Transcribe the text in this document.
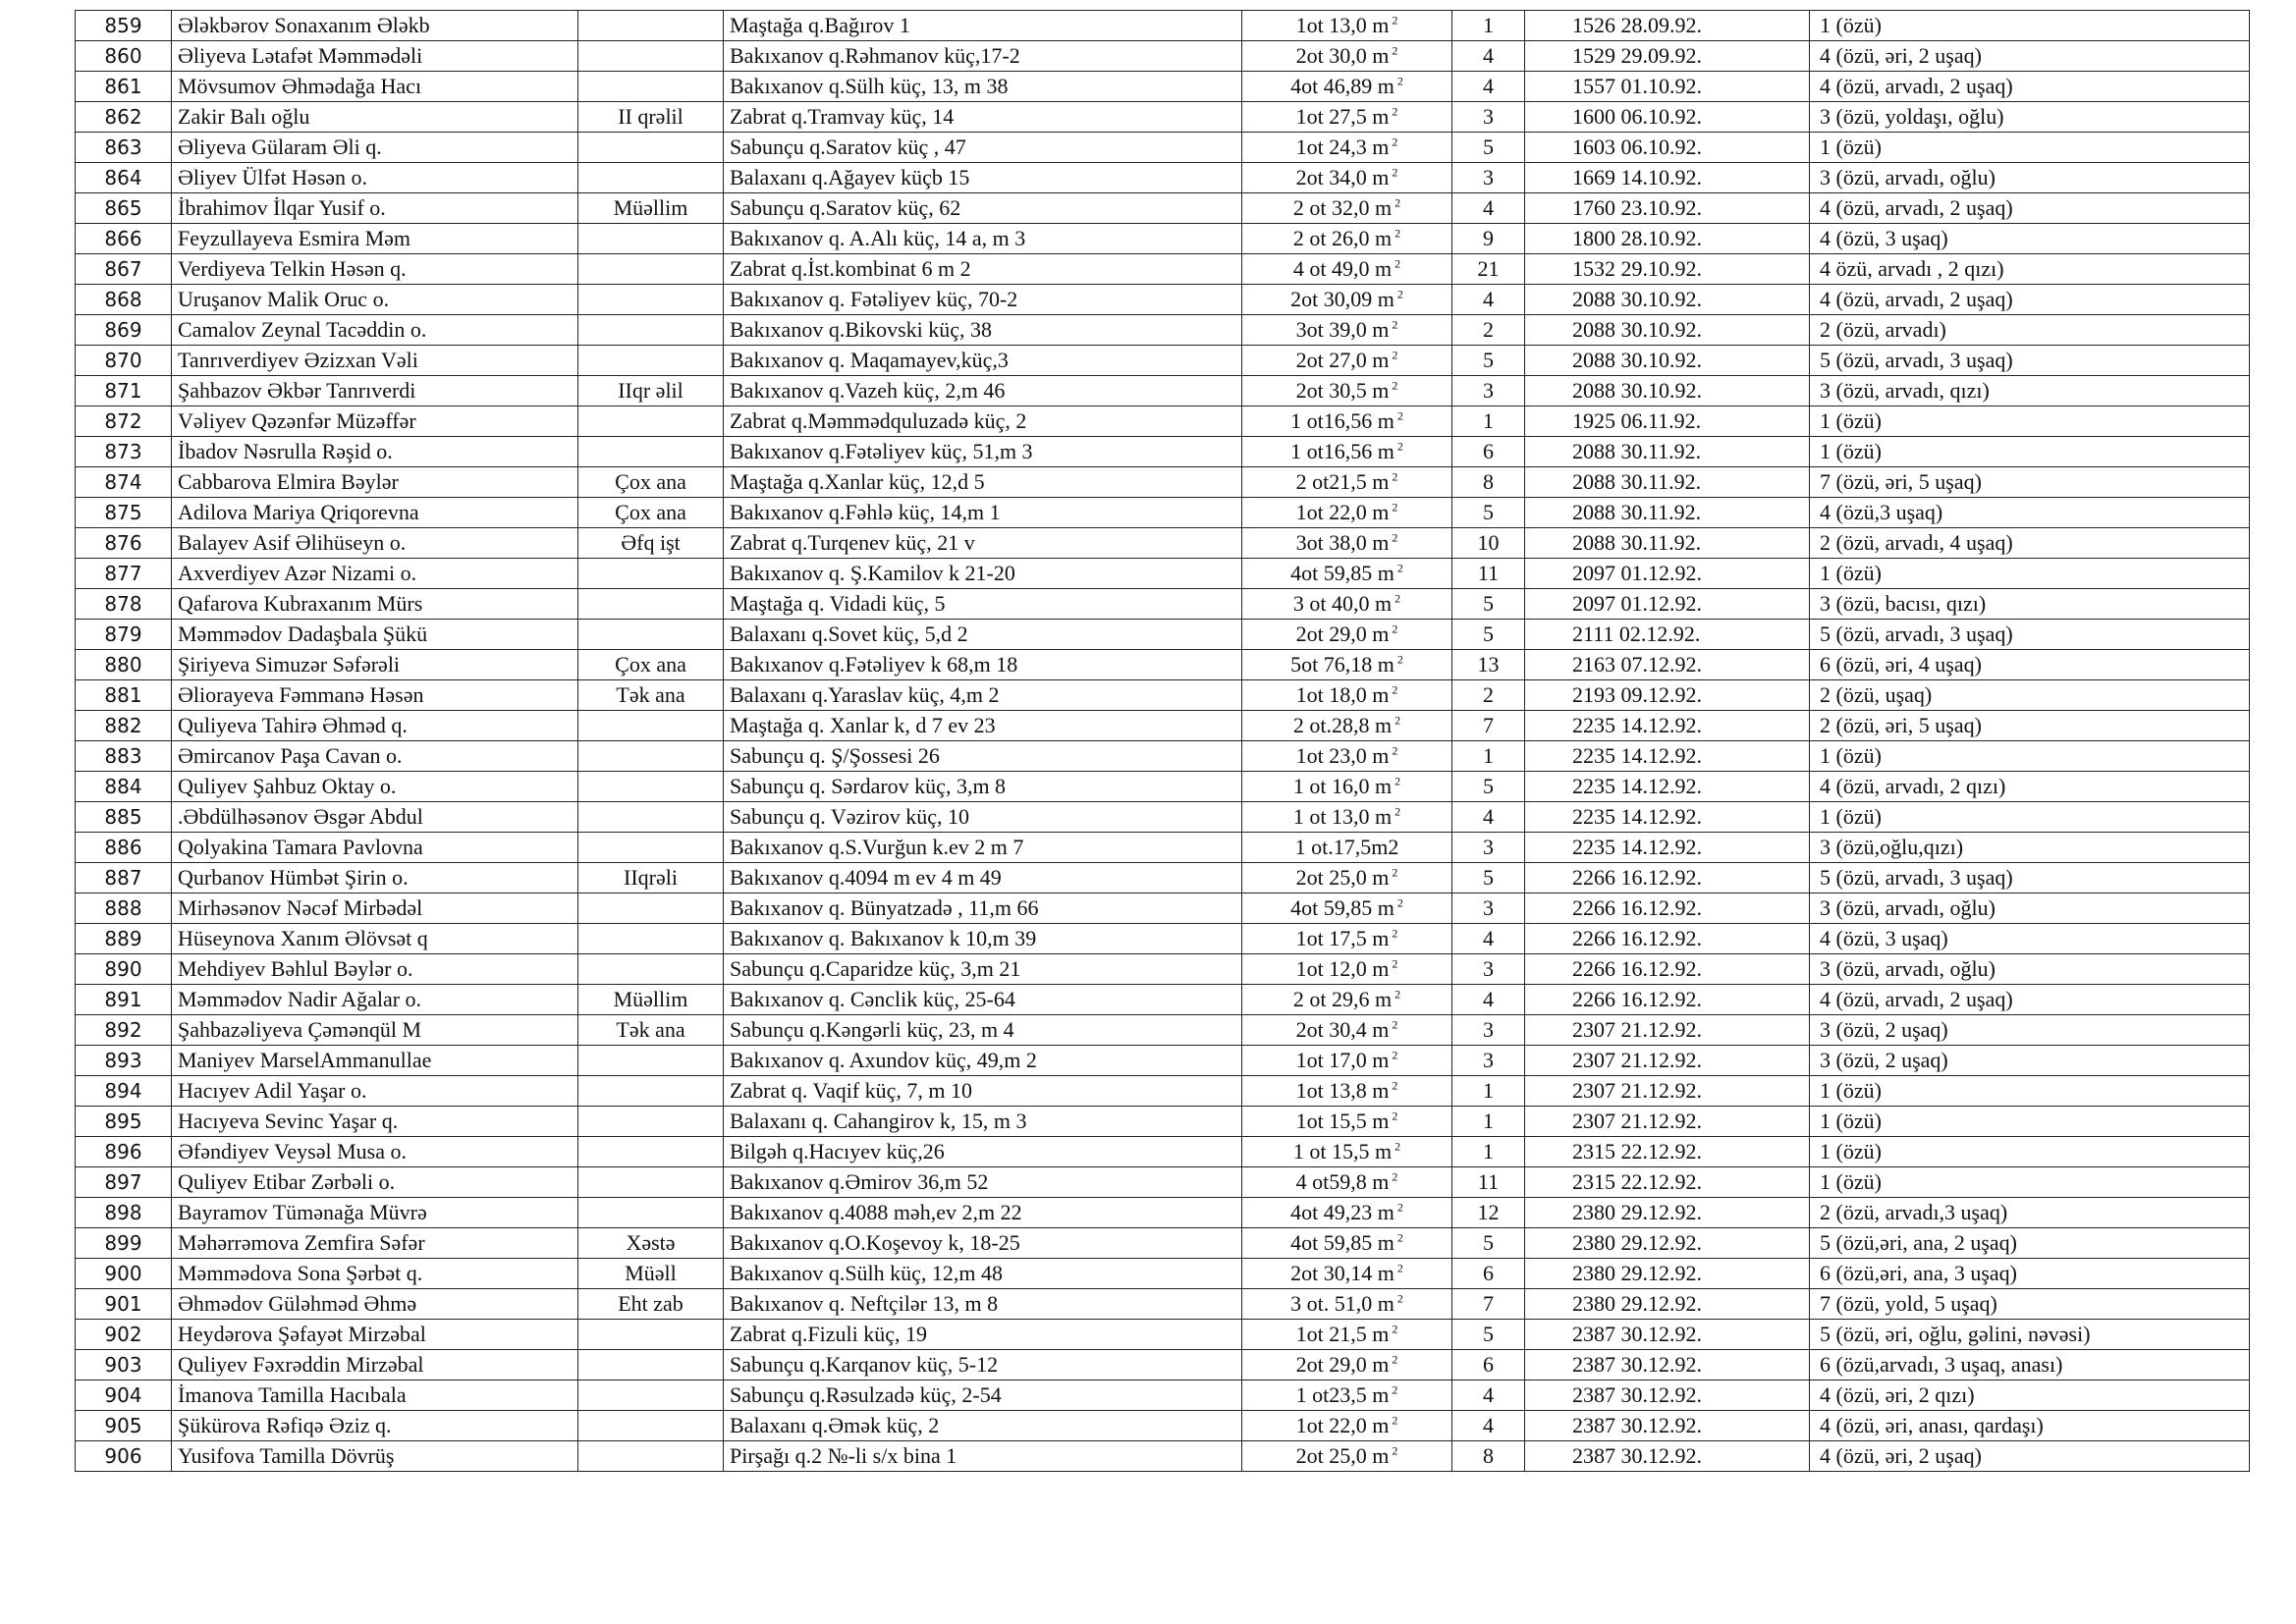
859	Ələkbərov Sonaxanım Ələkb		Maştağa q.Bağırov 1	1ot 13,0 m $^2$	1	1526 28.09.92.	1 (özü)
860	Əliyeva Lətafət Məmmədəli		Bakıxanov q.Rəhmanov küç,17-2	2ot 30,0 m $^2$	4	1529 29.09.92.	4 (özü, əri, 2 uşaq)
861	Mövsumov Əhmədağa Hacı		Bakıxanov q.Sülh küç, 13, m 38	4ot 46,89 m $^2$	4	1557 01.10.92.	4 (özü, arvadı, 2 uşaq)
862	Zakir Balı oğlu	II qrəlil	Zabrat q.Tramvay küç, 14	1ot 27,5 m $^2$	3	1600 06.10.92.	3 (özü, yoldaşı, oğlu)
863	Əliyeva Gülaram Əli q.		Sabunçu q.Saratov küç , 47	1ot 24,3 m $^2$	5	1603 06.10.92.	1 (özü)
864	Əliyev Ülfət Həsən o.		Balaxanı q.Ağayev küçb 15	2ot 34,0 m $^2$	3	1669 14.10.92.	3 (özü, arvadı, oğlu)
865	İbrahimov İlqar Yusif o.	Müəllim	Sabunçu q.Saratov küç, 62	2 ot 32,0 m $^2$	4	1760 23.10.92.	4 (özü, arvadı, 2 uşaq)
866	Feyzullayeva Esmira Məm		Bakıxanov q. A.Alı küç, 14 a, m 3	2 ot 26,0 m $^2$	9	1800 28.10.92.	4 (özü, 3 uşaq)
867	Verdiyeva Telkin Həsən q.		Zabrat q.İst.kombinat 6 m 2	4 ot 49,0 m $^2$	21	1532 29.10.92.	4 özü, arvadı , 2 qızı)
868	Uruşanov Malik Oruc o.		Bakıxanov q. Fətəliyev küç, 70-2	2ot 30,09 m $^2$	4	2088 30.10.92.	4 (özü, arvadı, 2 uşaq)
869	Camalov Zeynal Tacəddin o.		Bakıxanov q.Bikovski küç, 38	3ot 39,0 m $^2$	2	2088 30.10.92.	2 (özü, arvadı)
870	Tanrıverdiyev Əzizxan Vəli		Bakıxanov q. Maqamayev,küç,3	2ot 27,0 m $^2$	5	2088 30.10.92.	5 (özü, arvadı, 3 uşaq)
871	Şahbazov Əkbər Tanrıverdi	IIqr əlil	Bakıxanov q.Vazeh küç, 2,m 46	2ot 30,5 m $^2$	3	2088 30.10.92.	3 (özü, arvadı, qızı)
872	Vəliyev Qəzənfər Müzəffər		Zabrat q.Məmmədquluzadə küç, 2	1 ot16,56 m $^2$	1	1925 06.11.92.	1 (özü)
873	İbadov Nəsrulla Rəşid o.		Bakıxanov q.Fətəliyev küç, 51,m 3	1 ot16,56 m $^2$	6	2088 30.11.92.	1 (özü)
874	Cabbarova Elmira Bəylər	Çox ana	Maştağa q.Xanlar küç, 12,d 5	2 ot21,5 m $^2$	8	2088 30.11.92.	7 (özü, əri, 5 uşaq)
875	Adilova Mariya Qriqorevna	Çox ana	Bakıxanov q.Fəhlə küç, 14,m 1	1ot 22,0 m $^2$	5	2088 30.11.92.	4 (özü,3 uşaq)
876	Balayev Asif Əlihüseyn o.	Əfq işt	Zabrat q.Turqenev küç, 21 v	3ot 38,0 m $^2$	10	2088 30.11.92.	2 (özü, arvadı, 4 uşaq)
877	Axverdiyev Azər Nizami o.		Bakıxanov q. Ş.Kamilov k 21-20	4ot 59,85 m $^2$	11	2097 01.12.92.	1 (özü)
878	Qafarova Kubraxanım Mürs		Maştağa q. Vidadi küç, 5	3 ot 40,0 m $^2$	5	2097 01.12.92.	3 (özü, bacısı, qızı)
879	Məmmədov Dadaşbala Şükü		Balaxanı q.Sovet küç, 5,d 2	2ot 29,0 m $^2$	5	2111 02.12.92.	5 (özü, arvadı, 3 uşaq)
880	Şiriyeva Simuzər Səfərəli	Çox ana	Bakıxanov q.Fətəliyev k 68,m 18	5ot 76,18 m $^2$	13	2163 07.12.92.	6 (özü, əri, 4 uşaq)
881	Əliorayeva Fəmmanə Həsən	Tək ana	Balaxanı q.Yaraslav küç, 4,m 2	1ot 18,0 m $^2$	2	2193 09.12.92.	2 (özü, uşaq)
882	Quliyeva Tahirə Əhməd q.		Maştağa q. Xanlar k, d 7 ev 23	2 ot.28,8 m $^2$	7	2235 14.12.92.	2 (özü, əri, 5 uşaq)
883	Əmircanov Paşa Cavan o.		Sabunçu q. Ş/Şossesi 26	1ot 23,0 m $^2$	1	2235 14.12.92.	1 (özü)
884	Quliyev Şahbuz Oktay o.		Sabunçu q. Sərdarov küç, 3,m 8	1 ot 16,0 m $^2$	5	2235 14.12.92.	4 (özü, arvadı, 2 qızı)
885	.Əbdülhəsənov Əsgər Abdul		Sabunçu q. Vəzirov küç, 10	1 ot 13,0 m $^2$	4	2235 14.12.92.	1 (özü)
886	Qolyakina Tamara Pavlovna		Bakıxanov q.S.Vurğun k.ev 2 m 7	1 ot.17,5m2	3	2235 14.12.92.	3 (özü,oğlu,qızı)
887	Qurbanov Hümbət Şirin o.	IIqrəli	Bakıxanov q.4094 m ev 4 m 49	2ot 25,0 m $^2$	5	2266 16.12.92.	5 (özü, arvadı, 3 uşaq)
888	Mirhəsənov Nəcəf Mirbədəl		Bakıxanov q. Bünyatzadə , 11,m 66	4ot 59,85 m $^2$	3	2266 16.12.92.	3 (özü, arvadı, oğlu)
889	Hüseynova Xanım Əlövsət q		Bakıxanov q. Bakıxanov k 10,m 39	1ot 17,5 m $^2$	4	2266 16.12.92.	4 (özü, 3 uşaq)
890	Mehdiyev Bəhlul Bəylər o.		Sabunçu q.Caparidze küç, 3,m 21	1ot 12,0 m $^2$	3	2266 16.12.92.	3 (özü, arvadı, oğlu)
891	Məmmədov Nadir Ağalar o.	Müəllim	Bakıxanov q. Cənclik küç, 25-64	2 ot 29,6 m $^2$	4	2266 16.12.92.	4 (özü, arvadı, 2 uşaq)
892	Şahbazəliyeva Çəmənqül M	Tək ana	Sabunçu q.Kəngərli küç, 23, m 4	2ot 30,4 m $^2$	3	2307 21.12.92.	3 (özü, 2 uşaq)
893	Maniyev MarselAmmanullae		Bakıxanov q. Axundov küç, 49,m 2	1ot 17,0 m $^2$	3	2307 21.12.92.	3 (özü, 2 uşaq)
894	Hacıyev Adil Yaşar o.		Zabrat q. Vaqif küç, 7, m 10	1ot 13,8 m $^2$	1	2307 21.12.92.	1 (özü)
895	Hacıyeva Sevinc Yaşar q.		Balaxanı q. Cahangirov k, 15, m 3	1ot 15,5 m $^2$	1	2307 21.12.92.	1 (özü)
896	Əfəndiyev Veysəl Musa o.		Bilgəh q.Hacıyev küç,26	1 ot 15,5 m $^2$	1	2315 22.12.92.	1 (özü)
897	Quliyev Etibar Zərbəli o.		Bakıxanov q.Əmirov 36,m 52	4 ot59,8 m $^2$	11	2315 22.12.92.	1 (özü)
898	Bayramov Tümənağa Müvrə		Bakıxanov q.4088 məh,ev 2,m 22	4ot 49,23 m $^2$	12	2380 29.12.92.	2 (özü, arvadı,3 uşaq)
899	Məhərrəmova Zemfira Səfər	Xəstə	Bakıxanov q.O.Koşevoy k, 18-25	4ot 59,85 m $^2$	5	2380 29.12.92.	5 (özü,əri, ana, 2 uşaq)
900	Məmmədova Sona Şərbət q.	Müəll	Bakıxanov q.Sülh küç, 12,m 48	2ot 30,14 m $^2$	6	2380 29.12.92.	6 (özü,əri, ana, 3 uşaq)
901	Əhmədov Güləhməd Əhmə	Eht zab	Bakıxanov q. Neftçilər 13, m 8	3 ot. 51,0 m $^2$	7	2380 29.12.92.	7 (özü, yold, 5 uşaq)
902	Heydərova Şəfayət Mirzəbal		Zabrat q.Fizuli küç, 19	1ot 21,5 m $^2$	5	2387 30.12.92.	5 (özü, əri, oğlu, gəlini, nəvəsi)
903	Quliyev Fəxrəddin Mirzəbal		Sabunçu q.Karqanov küç, 5-12	2ot 29,0 m $^2$	6	2387 30.12.92.	6 (özü,arvadı, 3 uşaq, anası)
904	İmanova Tamilla Hacıbala		Sabunçu q.Rəsulzadə küç, 2-54	1 ot23,5 m $^2$	4	2387 30.12.92.	4 (özü, əri, 2 qızı)
905	Şükürova Rəfiqə Əziz q.		Balaxanı q.Əmək küç, 2	1ot 22,0 m $^2$	4	2387 30.12.92.	4 (özü, əri, anası, qardaşı)
906	Yusifova Tamilla Dövrüş		Pirşağı q.2 №-li s/x bina 1	2ot 25,0 m $^2$	8	2387 30.12.92.	4 (özü, əri, 2 uşaq)
